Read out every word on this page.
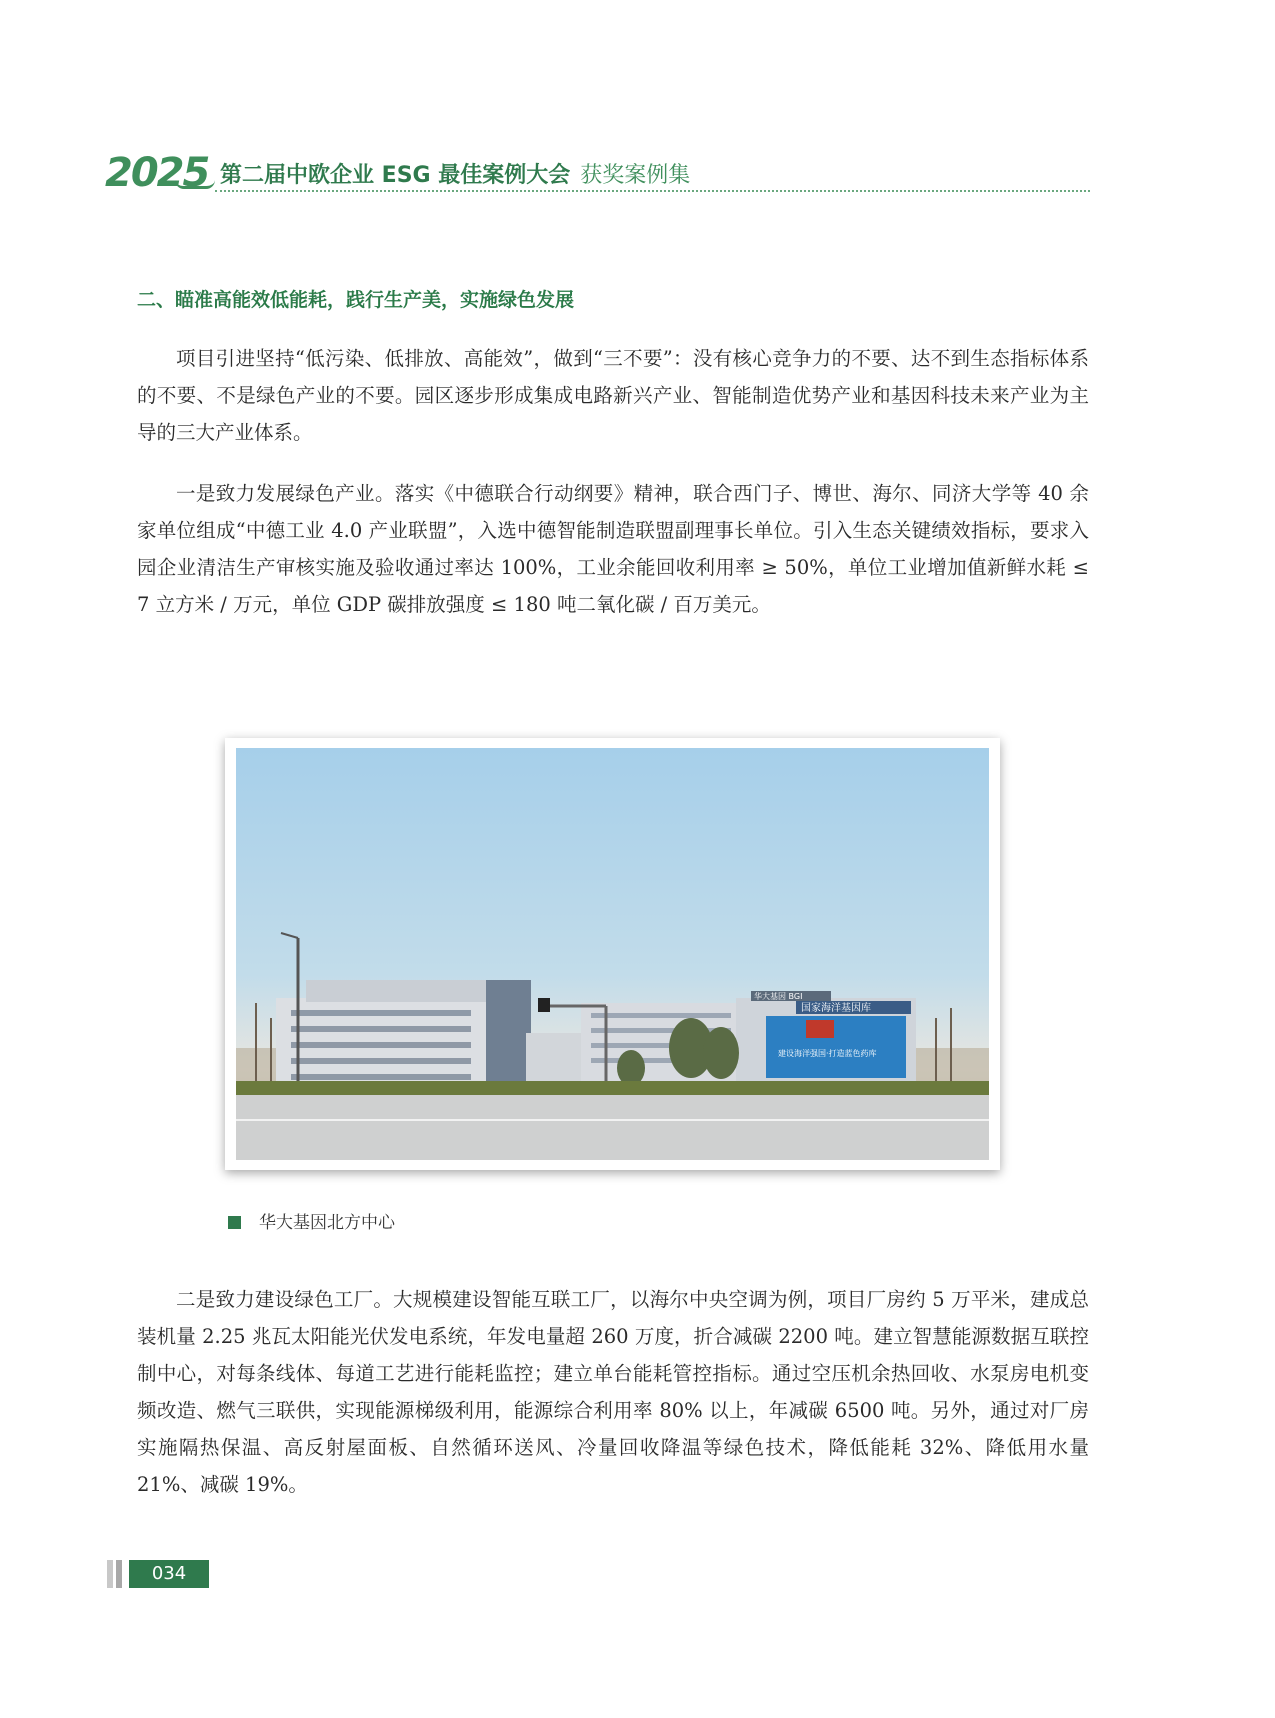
2025 第二届中欧企业 ESG 最佳案例大会 获奖案例集
二、瞄准高能效低能耗，践行生产美，实施绿色发展

项目引进坚持“低污染、低排放、高能效”，做到“三不要”：没有核心竞争力的不要、达不到生态指标体系的不要、不是绿色产业的不要。园区逐步形成集成电路新兴产业、智能制造优势产业和基因科技未来产业为主导的三大产业体系。

一是致力发展绿色产业。落实《中德联合行动纲要》精神，联合西门子、博世、海尔、同济大学等 40 余家单位组成“中德工业 4.0 产业联盟”，入选中德智能制造联盟副理事长单位。引入生态关键绩效指标，要求入园企业清洁生产审核实施及验收通过率达 100%，工业余能回收利用率 ≥ 50%，单位工业增加值新鲜水耗 ≤ 7 立方米 / 万元，单位 GDP 碳排放强度 ≤ 180 吨二氧化碳 / 百万美元。

华大基因 BGI
国家海洋基因库
建设海洋强国·打造蓝色药库
华大基因北方中心

二是致力建设绿色工厂。大规模建设智能互联工厂，以海尔中央空调为例，项目厂房约 5 万平米，建成总装机量 2.25 兆瓦太阳能光伏发电系统，年发电量超 260 万度，折合减碳 2200 吨。建立智慧能源数据互联控制中心，对每条线体、每道工艺进行能耗监控；建立单台能耗管控指标。通过空压机余热回收、水泵房电机变频改造、燃气三联供，实现能源梯级利用，能源综合利用率 80% 以上，年减碳 6500 吨。另外，通过对厂房实施隔热保温、高反射屋面板、自然循环送风、冷量回收降温等绿色技术，降低能耗 32%、降低用水量 21%、减碳 19%。

034
